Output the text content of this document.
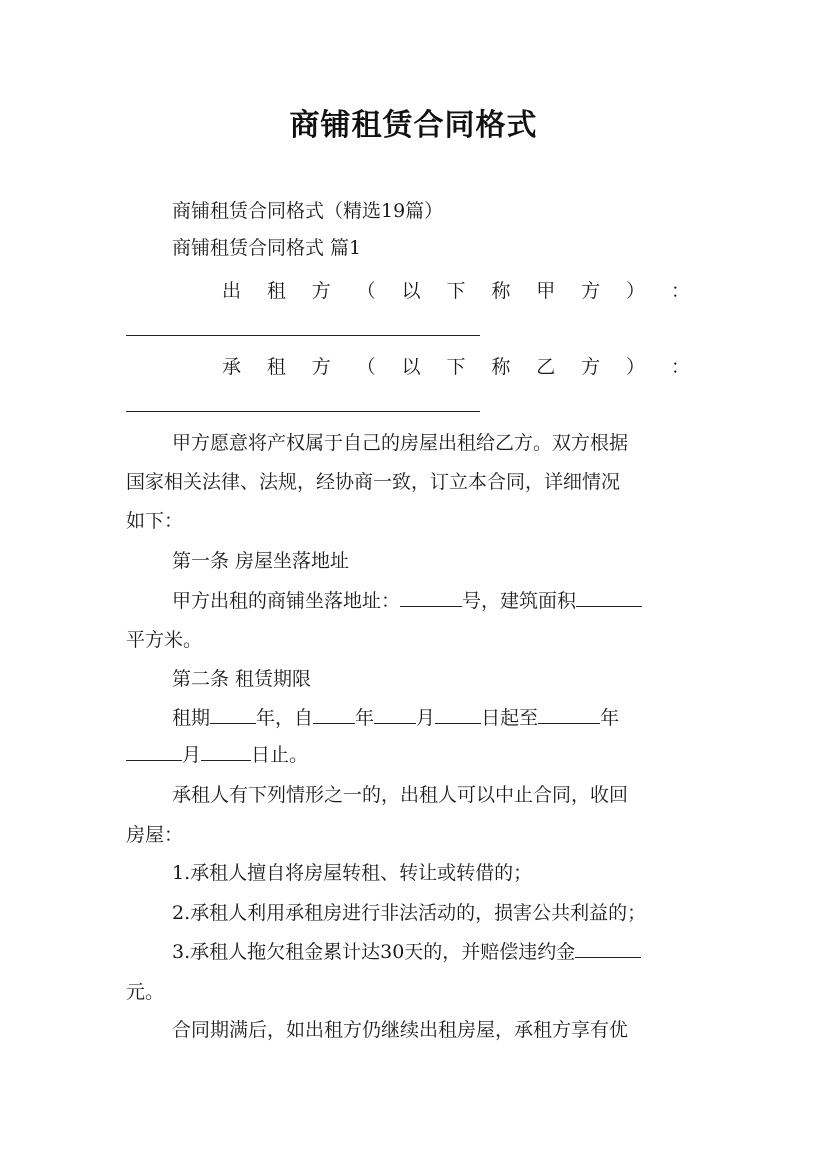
商铺租赁合同格式
商铺租赁合同格式（精选19篇）
商铺租赁合同格式 篇1
出 租 方 （ 以 下 称 甲 方 ） ：
承 租 方 （ 以 下 称 乙 方 ） ：
甲方愿意将产权属于自己的房屋出租给乙方。双方根据
国家相关法律、法规，经协商一致，订立本合同，详细情况
如下：
第一条 房屋坐落地址
甲方出租的商铺坐落地址：	号，建筑面积
平方米。
第二条 租赁期限
租期 年，自 年 月 日起至	年
月	日止。
承租人有下列情形之一的，出租人可以中止合同，收回
房屋：
1.承租人擅自将房屋转租、转让或转借的；
2.承租人利用承租房进行非法活动的，损害公共利益的；
3.承租人拖欠租金累计达30天的，并赔偿违约金
元。
合同期满后，如出租方仍继续出租房屋，承租方享有优
